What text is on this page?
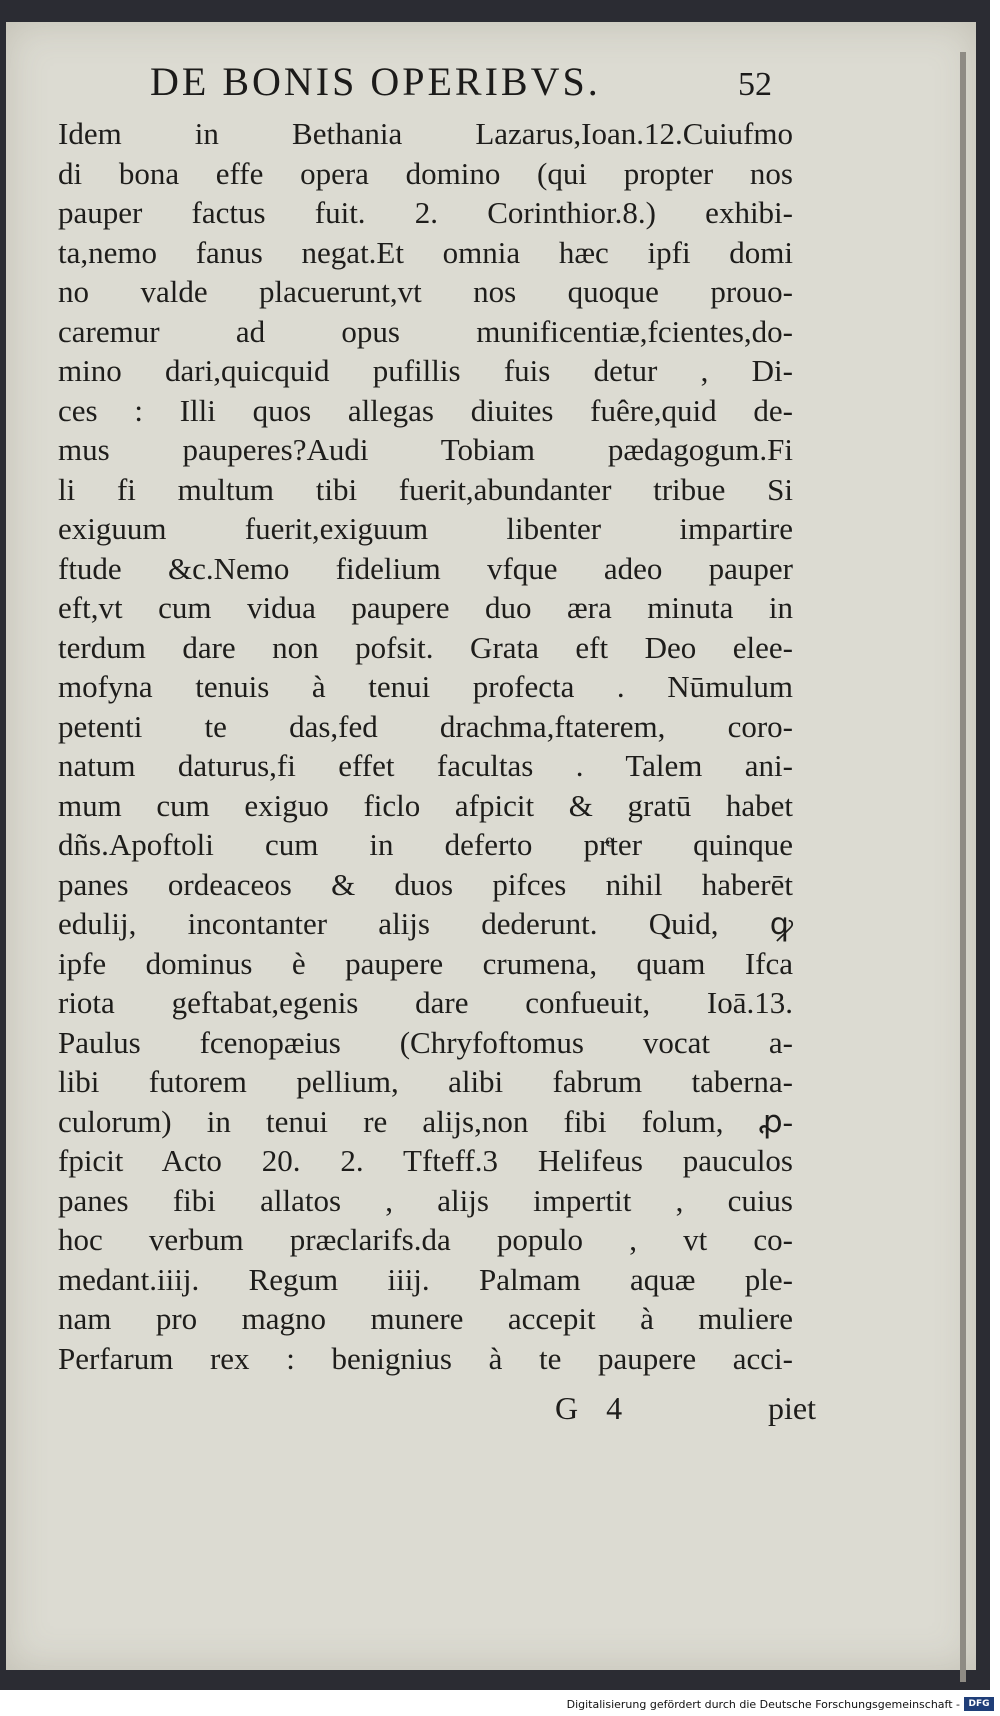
DE BONIS OPERIBVS.	52
Idem in Bethania Lazarus,Ioan.12.Cuiufmo
di bona effe opera domino (qui propter nos
pauper factus fuit. 2. Corinthior.8.) exhibi-
ta,nemo fanus negat.Et omnia hæc ipfi domi
no valde placuerunt,vt nos quoque prouo-
caremur ad opus munificentiæ,fcientes,do-
mino dari,quicquid pufillis fuis detur , Di-
ces : Illi quos allegas diuites fuêre,quid de-
mus pauperes?Audi Tobiam pædagogum.Fi
li fi multum tibi fuerit,abundanter tribue Si
exiguum fuerit,exiguum libenter impartire
ftude &c.Nemo fidelium vfque adeo pauper
eft,vt cum vidua paupere duo æra minuta in
terdum dare non pofsit. Grata eft Deo elee-
mofyna tenuis à tenui profecta . Nūmulum
petenti te das,fed drachma,ftaterem, coro-
natum daturus,fi effet facultas . Talem ani-
mum cum exiguo ficlo afpicit & gratū habet
dñs.Apoftoli cum in deferto prͤter quinque
panes ordeaceos & duos pifces nihil haberēt
edulij, incontanter alijs dederunt. Quid, ꝙ
ipfe dominus è paupere crumena, quam Ifca
riota geftabat,egenis dare confueuit, Ioā.13.
Paulus fcenopæius (Chryfoftomus vocat a-
libi futorem pellium, alibi fabrum taberna-
culorum) in tenui re alijs,non fibi folum, ꝓ-
fpicit Acto 20. 2. Tfteff.3 Helifeus pauculos
panes fibi allatos , alijs impertit , cuius
hoc verbum præclarifs.da populo , vt co-
medant.iiij. Regum iiij. Palmam aquæ ple-
nam pro magno munere accepit à muliere
Perfarum rex : benignius à te paupere acci-
G 4	piet
Digitalisierung gefördert durch die Deutsche Forschungsgemeinschaft - DFG
